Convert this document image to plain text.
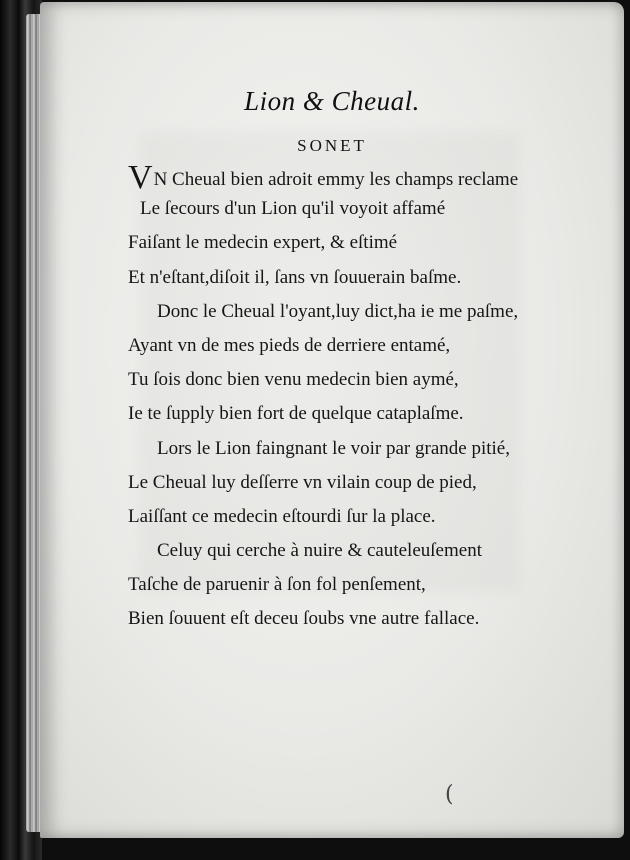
Lion & Cheual.
SONET
VN Cheual bien adroit emmy les champs reclame
Le ſecours d'un Lion qu'il voyoit affamé
Faiſant le medecin expert, & eſtimé
Et n'eſtant,diſoit il, ſans vn ſouuerain baſme.
Donc le Cheual l'oyant,luy dict,ha ie me paſme,
Ayant vn de mes pieds de derriere entamé,
Tu ſois donc bien venu medecin bien aymé,
Ie te ſupply bien fort de quelque cataplaſme.
Lors le Lion faingnant le voir par grande pitié,
Le Cheual luy deſſerre vn vilain coup de pied,
Laiſſant ce medecin eſtourdi ſur la place.
Celuy qui cerche à nuire & cauteleuſement
Taſche de paruenir à ſon fol penſement,
Bien ſouuent eſt deceu ſoubs vne autre fallace.
(
